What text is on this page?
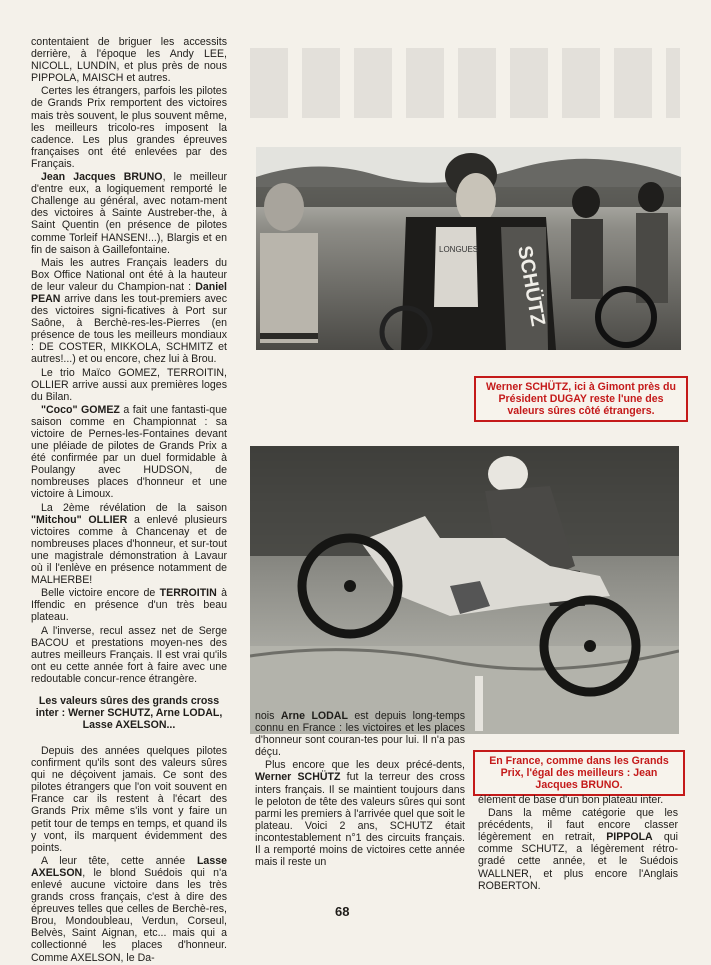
contentaient de briguer les accessits derrière, à l'époque les Andy LEE, NICOLL, LUNDIN, et plus près de nous PIPPOLA, MAISCH et autres.

Certes les étrangers, parfois les pilotes de Grands Prix remportent des victoires mais très souvent, le plus souvent même, les meilleurs tricolo-res imposent la cadence. Les plus grandes épreuves françaises ont été enlevées par des Français.

Jean Jacques BRUNO, le meilleur d'entre eux, a logiquement remporté le Challenge au général, avec notam-ment des victoires à Sainte Austreber-the, à Saint Quentin (en présence de pilotes comme Torleif HANSEN!...), Blargis et en fin de saison à Gaillefontaine.

Mais les autres Français leaders du Box Office National ont été à la hauteur de leur valeur du Champion-nat : Daniel PEAN arrive dans les tout-premiers avec des victoires signi-ficatives à Port sur Saône, à Berchè-res-les-Pierres (en présence de tous les meilleurs mondiaux : DE COSTER, MIKKOLA, SCHMITZ et autres!...) et ou encore, chez lui à Brou.

Le trio Maïco GOMEZ, TERROITIN, OLLIER arrive aussi aux premières loges du Bilan.

"Coco" GOMEZ a fait une fantasti-que saison comme en Championnat : sa victoire de Pernes-les-Fontaines devant une pléiade de pilotes de Grands Prix a été confirmée par un duel formidable à Poulangy avec HUDSON, de nombreuses places d'honneur et une victoire à Limoux.

La 2ème révélation de la saison "Mitchou" OLLIER a enlevé plusieurs victoires comme à Chancenay et de nombreuses places d'honneur, et sur-tout une magistrale démonstration à Lavaur où il l'enlève en présence notamment de MALHERBE!

Belle victoire encore de TERROITIN à Iffendic en présence d'un très beau plateau.

A l'inverse, recul assez net de Serge BACOU et prestations moyen-nes des autres meilleurs Français. Il est vrai qu'ils ont eu cette année fort à faire avec une redoutable concur-rence étrangère.

Les valeurs sûres des grands cross inter : Werner SCHUTZ, Arne LODAL, Lasse AXELSON...

Depuis des années quelques pilotes confirment qu'ils sont des valeurs sûres qui ne déçoivent jamais. Ce sont des pilotes étrangers que l'on voit souvent en France car ils restent à l'écart des Grands Prix même s'ils vont y faire un petit tour de temps en temps, et quand ils y vont, ils marquent évidemment des points.

A leur tête, cette année Lasse AXELSON, le blond Suédois qui n'a enlevé aucune victoire dans les très grands cross français, c'est à dire des épreuves telles que celles de Berchè-res, Brou, Mondoubleau, Verdun, Corseul, Belvès, Saint Aignan, etc... mais qui a collectionné les places d'honneur. Comme AXELSON, le Da-

SCHÜTZ
LONGUES
Werner SCHÜTZ, ici à Gimont près du Président DUGAY reste l'une des valeurs sûres côté étrangers.

nois Arne LODAL est depuis long-temps connu en France : les victoires et les places d'honneur sont couran-tes pour lui. Il n'a pas déçu.

Plus encore que les deux précé-dents, Werner SCHÜTZ fut la terreur des cross inters français. Il se maintient toujours dans le peloton de tête des valeurs sûres qui sont parmi les premiers à l'arrivée quel que soit le plateau. Voici 2 ans, SCHUTZ était incontestablement n°1 des circuits français. Il a remporté moins de victoires cette année mais il reste un

En France, comme dans les Grands Prix, l'égal des meilleurs : Jean Jacques BRUNO.

élément de base d'un bon plateau inter.

Dans la même catégorie que les précédents, il faut encore classer légèrement en retrait, PIPPOLA qui comme SCHUTZ, a légèrement rétro-gradé cette année, et le Suédois WALLNER, et plus encore l'Anglais ROBERTON.

68
